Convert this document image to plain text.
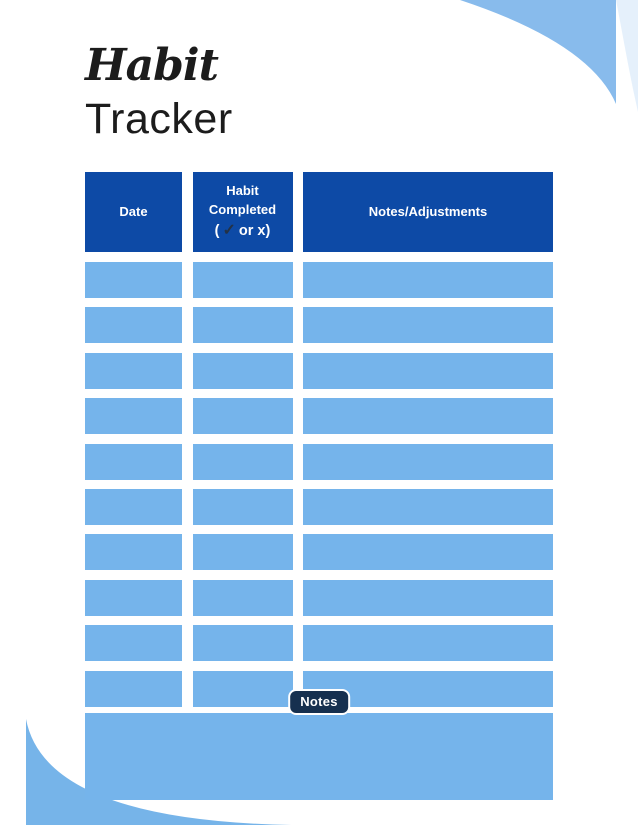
Habit
Tracker
Date
Habit
Completed
( ✓ or x)
Notes/Adjustments
Notes
